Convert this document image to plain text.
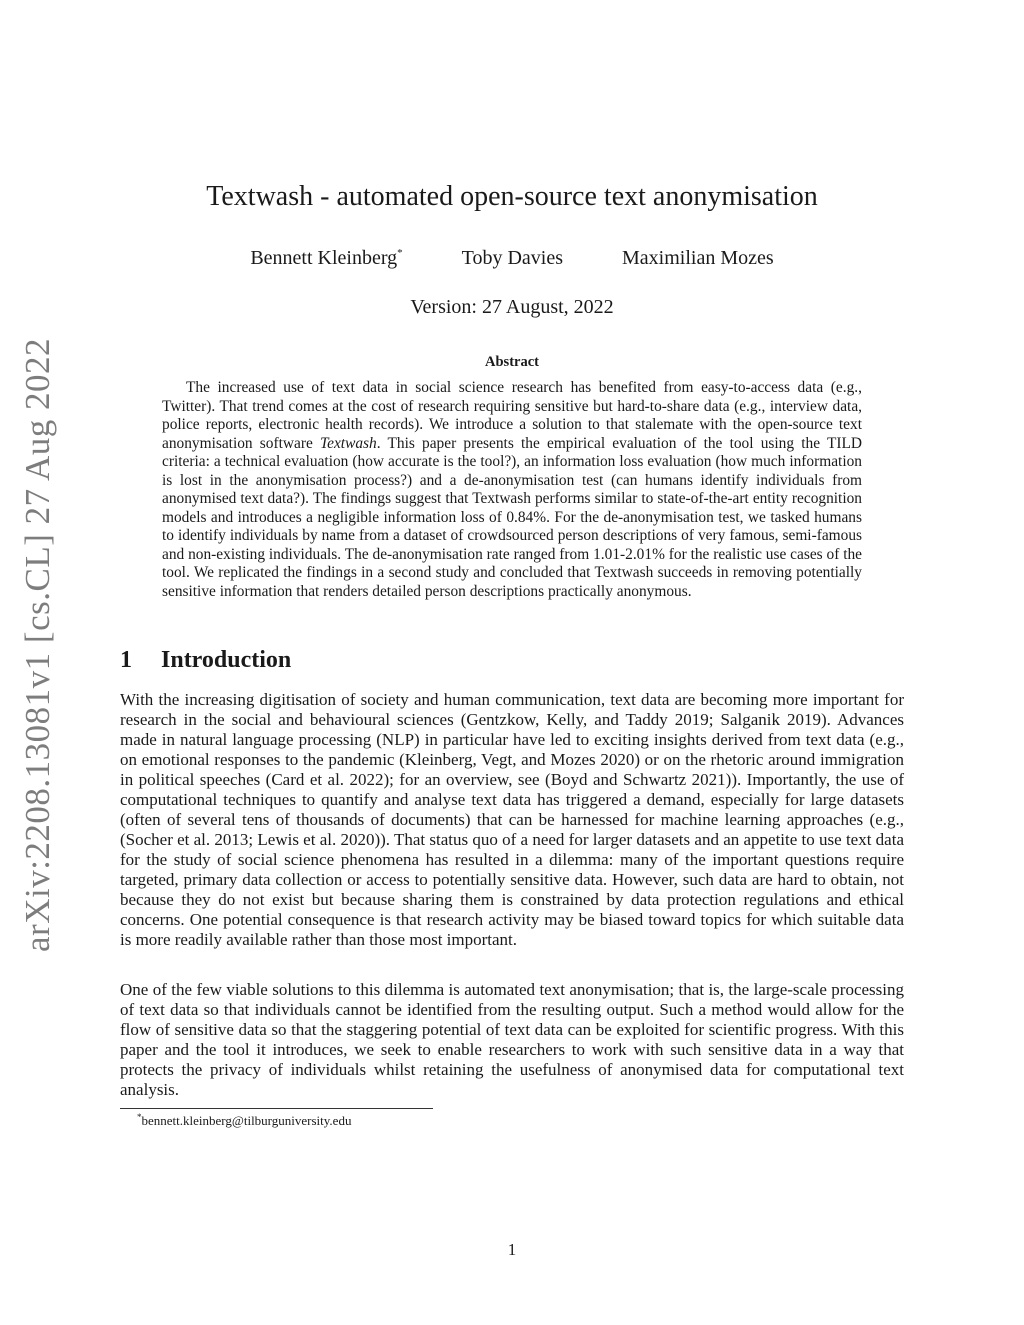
arXiv:2208.13081v1 [cs.CL] 27 Aug 2022
Textwash - automated open-source text anonymisation
Bennett Kleinberg*	Toby Davies	Maximilian Mozes
Version: 27 August, 2022
Abstract

The increased use of text data in social science research has benefited from easy-to-access data (e.g., Twitter). That trend comes at the cost of research requiring sensitive but hard-to-share data (e.g., interview data, police reports, electronic health records). We introduce a solution to that stalemate with the open-source text anonymisation software Textwash. This paper presents the empirical evaluation of the tool using the TILD criteria: a technical evaluation (how accurate is the tool?), an information loss evaluation (how much information is lost in the anonymisation process?) and a de-anonymisation test (can humans identify individuals from anonymised text data?). The findings suggest that Textwash performs similar to state-of-the-art entity recognition models and introduces a negligible information loss of 0.84%. For the de-anonymisation test, we tasked humans to identify individuals by name from a dataset of crowdsourced person descriptions of very famous, semi-famous and non-existing individuals. The de-anonymisation rate ranged from 1.01-2.01% for the realistic use cases of the tool. We replicated the findings in a second study and concluded that Textwash succeeds in removing potentially sensitive information that renders detailed person descriptions practically anonymous.

1 Introduction

With the increasing digitisation of society and human communication, text data are becoming more important for research in the social and behavioural sciences (Gentzkow, Kelly, and Taddy 2019; Salganik 2019). Advances made in natural language processing (NLP) in particular have led to exciting insights derived from text data (e.g., on emotional responses to the pandemic (Kleinberg, Vegt, and Mozes 2020) or on the rhetoric around immigration in political speeches (Card et al. 2022); for an overview, see (Boyd and Schwartz 2021)). Importantly, the use of computational techniques to quantify and analyse text data has triggered a demand, especially for large datasets (often of several tens of thousands of documents) that can be harnessed for machine learning approaches (e.g., (Socher et al. 2013; Lewis et al. 2020)). That status quo of a need for larger datasets and an appetite to use text data for the study of social science phenomena has resulted in a dilemma: many of the important questions require targeted, primary data collection or access to potentially sensitive data. However, such data are hard to obtain, not because they do not exist but because sharing them is constrained by data protection regulations and ethical concerns. One potential consequence is that research activity may be biased toward topics for which suitable data is more readily available rather than those most important.

One of the few viable solutions to this dilemma is automated text anonymisation; that is, the large-scale processing of text data so that individuals cannot be identified from the resulting output. Such a method would allow for the flow of sensitive data so that the staggering potential of text data can be exploited for scientific progress. With this paper and the tool it introduces, we seek to enable researchers to work with such sensitive data in a way that protects the privacy of individuals whilst retaining the usefulness of anonymised data for computational text analysis.

*bennett.kleinberg@tilburguniversity.edu
1
